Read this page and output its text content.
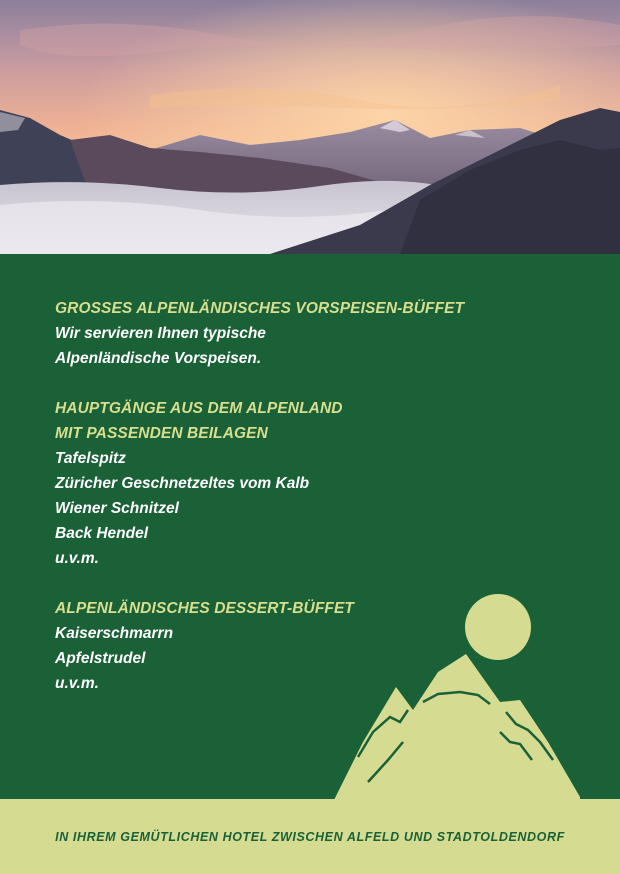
GROSSES ALPENLÄNDISCHES VORSPEISEN-BÜFFET
Wir servieren Ihnen typische
Alpenländische Vorspeisen.
HAUPTGÄNGE AUS DEM ALPENLAND
MIT PASSENDEN BEILAGEN
Tafelspitz
Züricher Geschnetzeltes vom Kalb
Wiener Schnitzel
Back Hendel
u.v.m.
ALPENLÄNDISCHES DESSERT-BÜFFET
Kaiserschmarrn
Apfelstrudel
u.v.m.
IN IHREM GEMÜTLICHEN HOTEL ZWISCHEN ALFELD UND STADTOLDENDORF
